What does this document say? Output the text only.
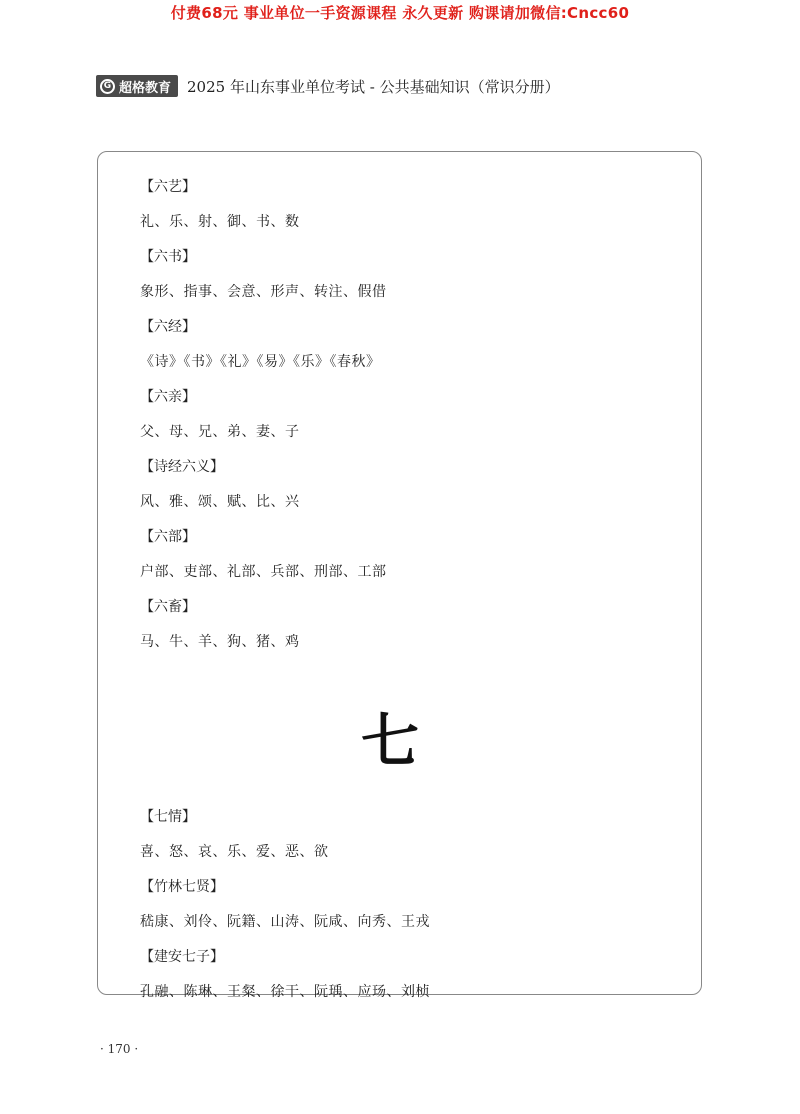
付费68元 事业单位一手资源课程 永久更新 购课请加微信:Cncc60
G 超格教育 2025 年山东事业单位考试 - 公共基础知识（常识分册）
【六艺】
礼、乐、射、御、书、数
【六书】
象形、指事、会意、形声、转注、假借
【六经】
《诗》《书》《礼》《易》《乐》《春秋》
【六亲】
父、母、兄、弟、妻、子
【诗经六义】
风、雅、颂、赋、比、兴
【六部】
户部、吏部、礼部、兵部、刑部、工部
【六畜】
马、牛、羊、狗、猪、鸡
七
【七情】
喜、怒、哀、乐、爱、恶、欲
【竹林七贤】
嵇康、刘伶、阮籍、山涛、阮咸、向秀、王戎
【建安七子】
孔融、陈琳、王粲、徐干、阮瑀、应玚、刘桢
· 170 ·
